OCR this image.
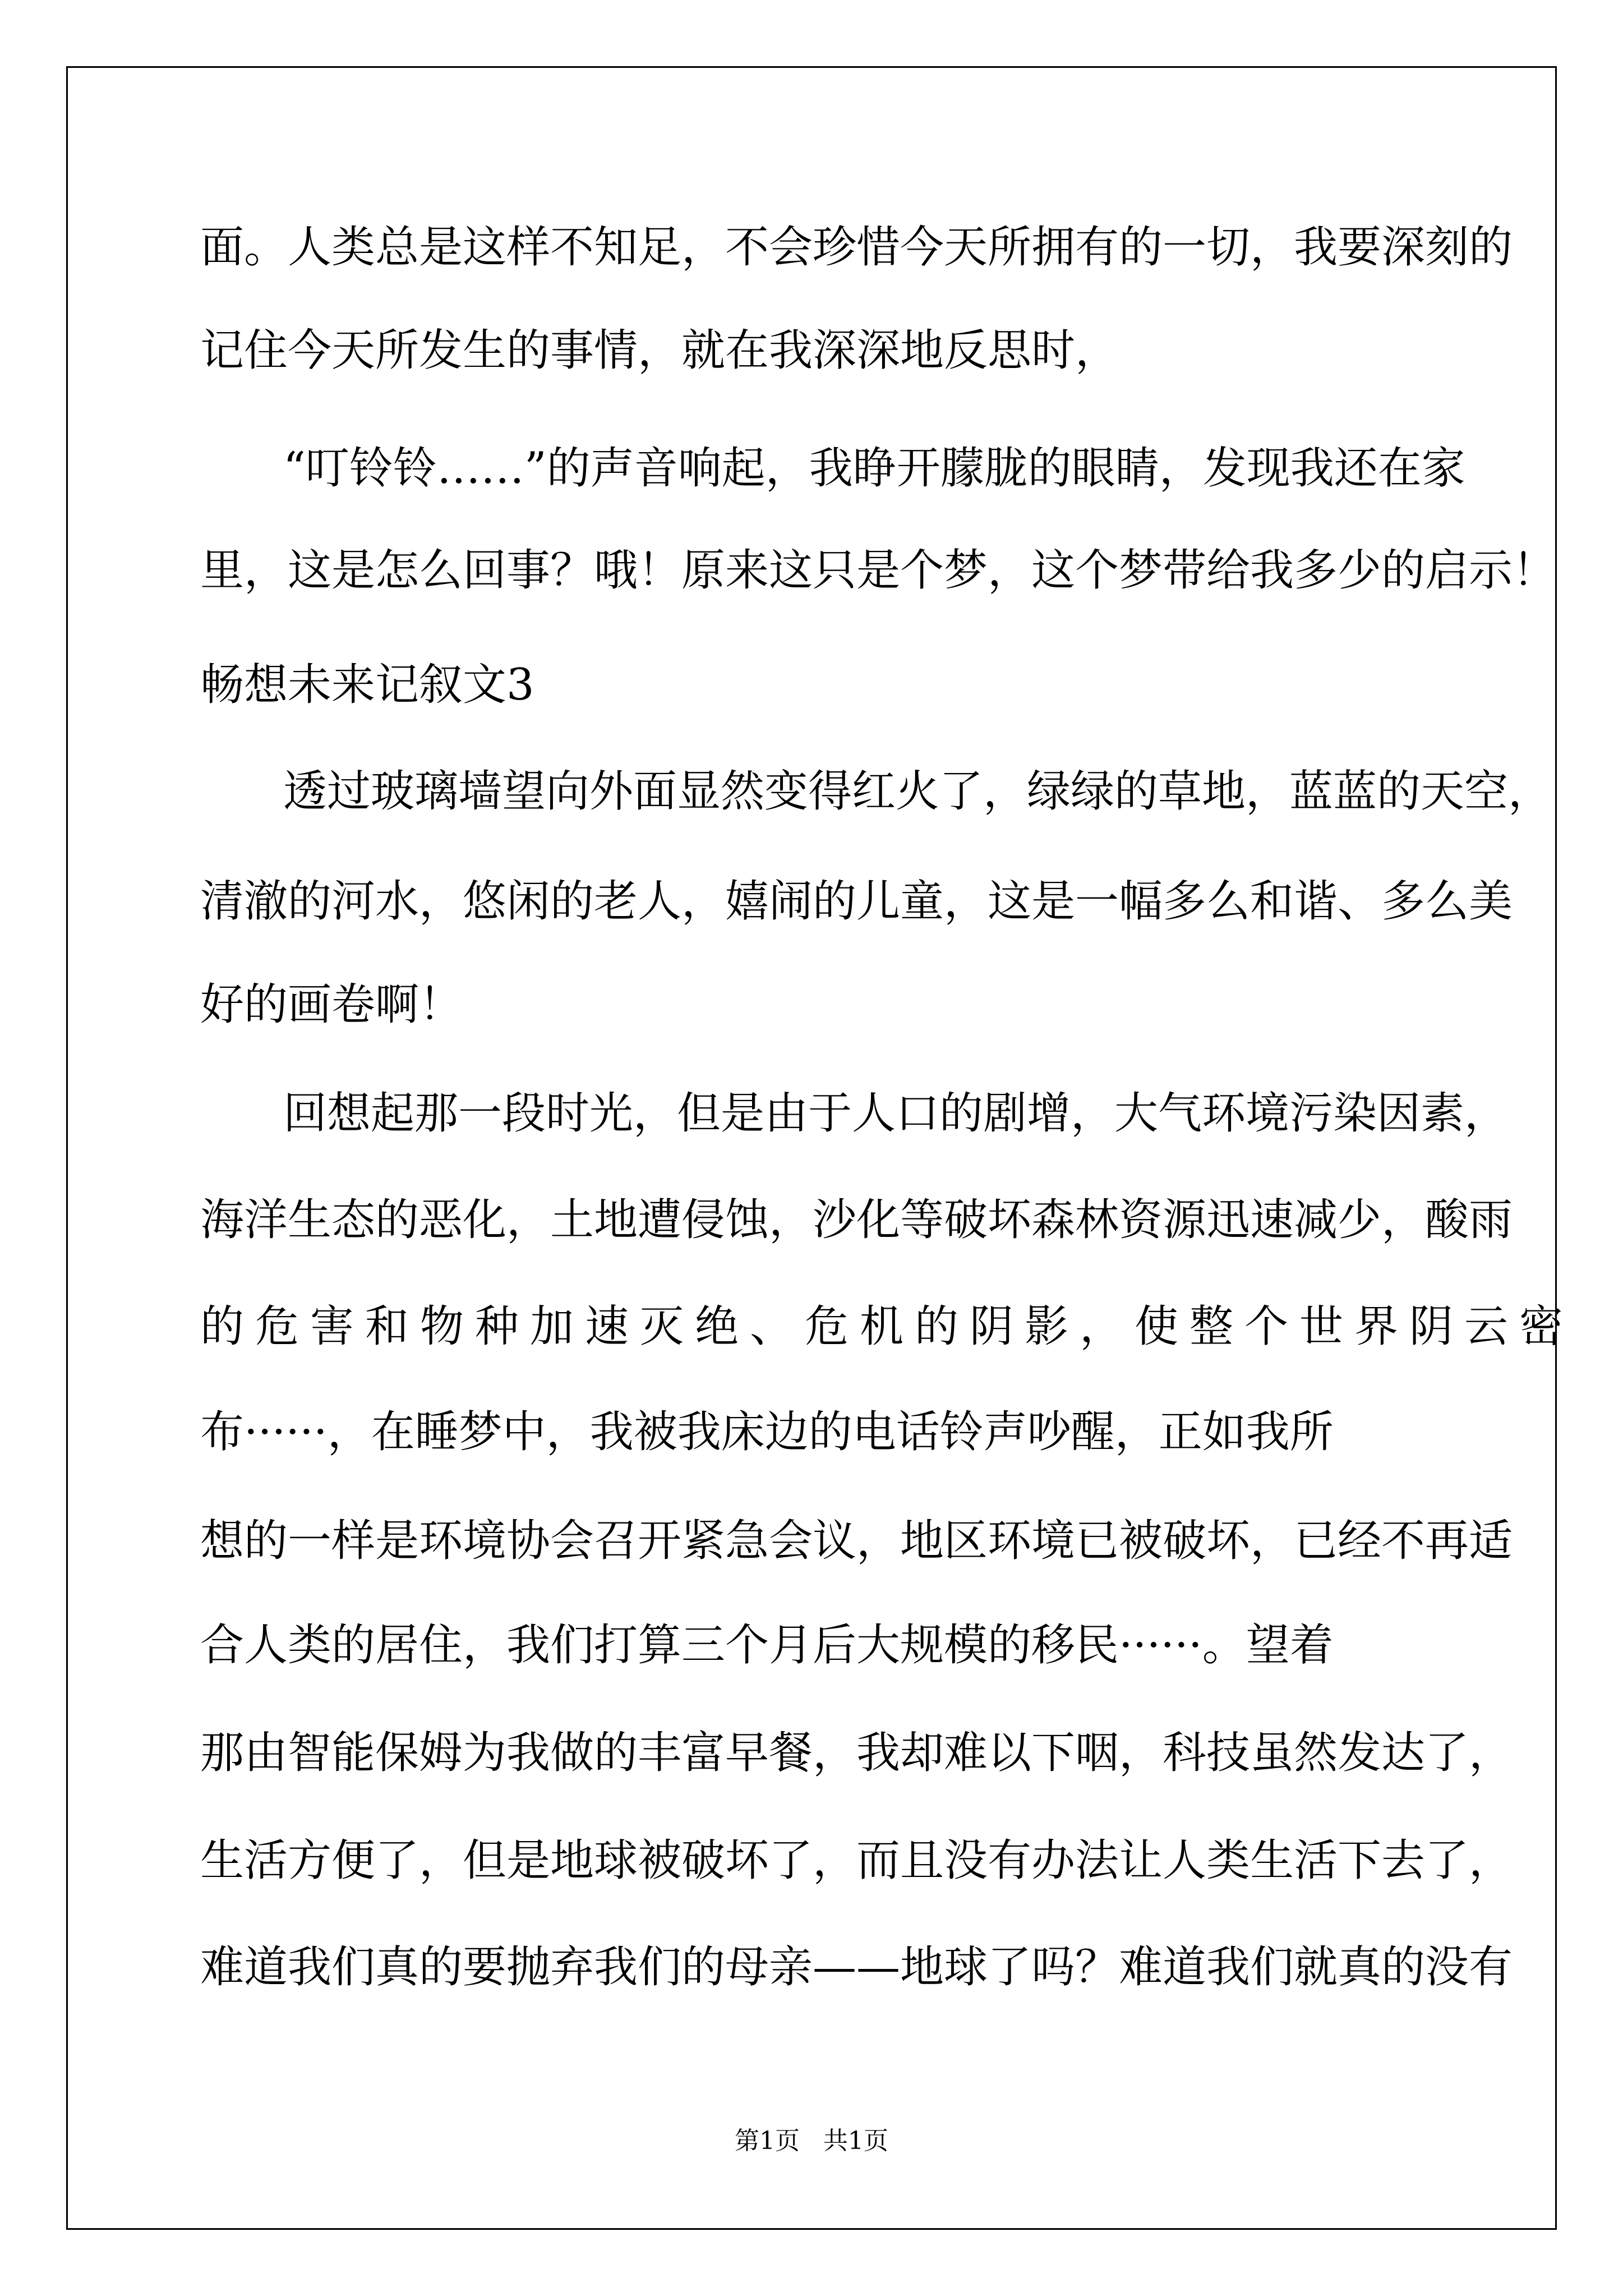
面。人类总是这样不知足，不会珍惜今天所拥有的一切，我要深刻的
记住今天所发生的事情，就在我深深地反思时，
“叮铃铃……”的声音响起，我睁开朦胧的眼睛，发现我还在家
里，这是怎么回事？哦！原来这只是个梦，这个梦带给我多少的启示！
畅想未来记叙文3
透过玻璃墙望向外面显然变得红火了，绿绿的草地，蓝蓝的天空，
清澈的河水，悠闲的老人，嬉闹的儿童，这是一幅多么和谐、多么美
好的画卷啊！
回想起那一段时光，但是由于人口的剧增，大气环境污染因素，
海洋生态的恶化，土地遭侵蚀，沙化等破坏森林资源迅速减少，酸雨
的危害和物种加速灭绝、危机的阴影，使整个世界阴云密
布······，在睡梦中，我被我床边的电话铃声吵醒，正如我所
想的一样是环境协会召开紧急会议，地区环境已被破坏，已经不再适
合人类的居住，我们打算三个月后大规模的移民······。望着
那由智能保姆为我做的丰富早餐，我却难以下咽，科技虽然发达了，
生活方便了，但是地球被破坏了，而且没有办法让人类生活下去了，
难道我们真的要抛弃我们的母亲——地球了吗？难道我们就真的没有
第1页   共1页
